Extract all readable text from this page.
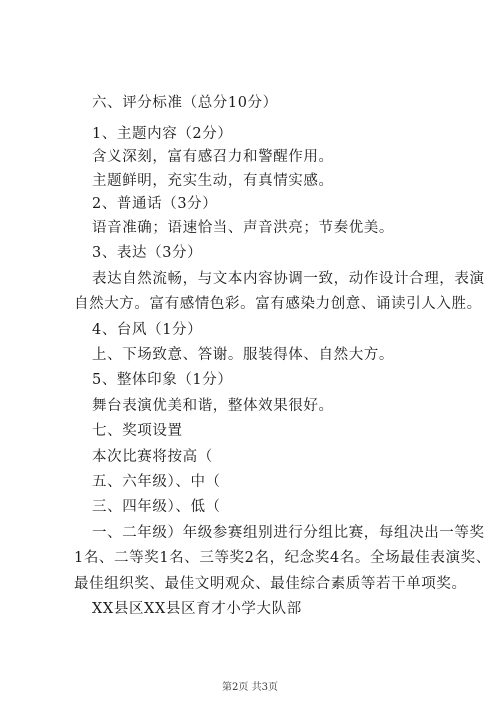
六、评分标准（总分10分）
1、主题内容（2分）
含义深刻，富有感召力和警醒作用。
主题鲜明，充实生动，有真情实感。
2、普通话（3分）
语音准确；语速恰当、声音洪亮；节奏优美。
3、表达（3分）
表达自然流畅，与文本内容协调一致，动作设计合理，表演
自然大方。富有感情色彩。富有感染力创意、诵读引人入胜。
4、台风（1分）
上、下场致意、答谢。服装得体、自然大方。
5、整体印象（1分）
舞台表演优美和谐，整体效果很好。
七、奖项设置
本次比赛将按高（
五、六年级）、中（
三、四年级）、低（
一、二年级）年级参赛组别进行分组比赛，每组决出一等奖
1名、二等奖1名、三等奖2名，纪念奖4名。全场最佳表演奖、
最佳组织奖、最佳文明观众、最佳综合素质等若干单项奖。
XX县区XX县区育才小学大队部
第2页 共3页
